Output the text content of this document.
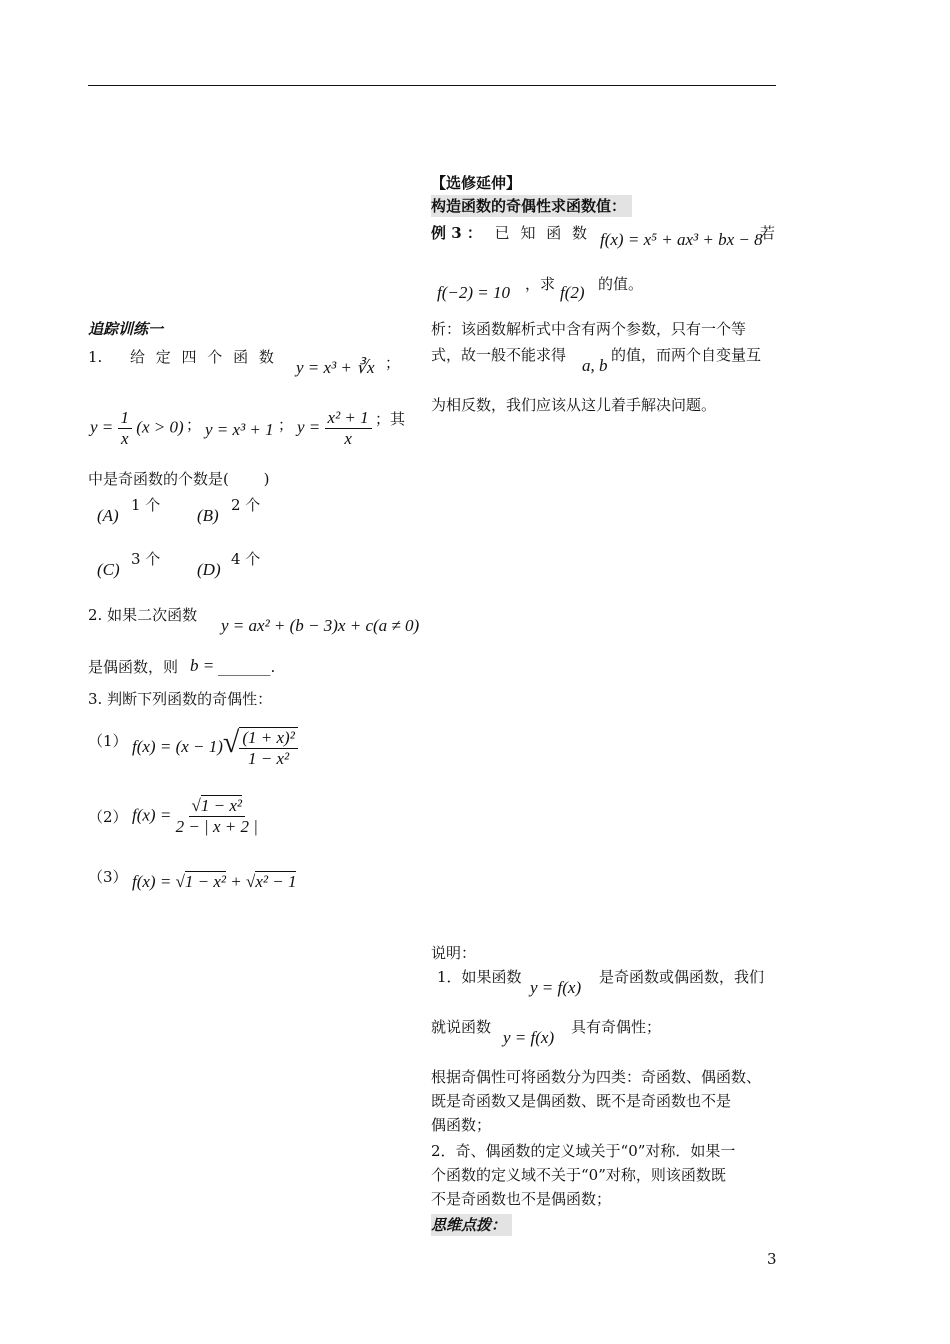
【选修延伸】
构造函数的奇偶性求函数值：
例 3 ： 已 知 函 数 f(x) = x⁵ + ax³ + bx − 8
若
f(−2) = 10 ，求 f(2) 的值。
析：该函数解析式中含有两个参数，只有一个等
式，故一般不能求得
a, b
的值，而两个自变量互
为相反数，我们应该从这儿着手解决问题。
说明：
1．如果函数
y = f(x)
是奇函数或偶函数，我们
就说函数
y = f(x)
具有奇偶性；
根据奇偶性可将函数分为四类：奇函数、偶函数、
既是奇函数又是偶函数、既不是奇函数也不是
偶函数；
2．奇、偶函数的定义域关于“0”对称．如果一
个函数的定义域不关于“0”对称，则该函数既
不是奇函数也不是偶函数；
思维点拨：
追踪训练一
1. 给 定 四 个 函 数
y = x³ + ∛x ；
$y = \frac{1}{x} (x > 0)$ ； y = x³ + 1 ； $y = \frac{\text{x² + 1}}{x}$ ；其
中是奇函数的个数是(　　 )
(A)
1 个
(B)
2 个
(C)
3 个
(D)
4 个
2. 如果二次函数
y = ax² + (b − 3)x + c(a ≠ 0)
是偶函数，则 b = _______.
3. 判断下列函数的奇偶性：
（1） $f(x) = (x - 1)√ \frac{\text{(1 + x)²}}{\text{1 − x²}}$
（2） $f(x) = \frac{\text{√1 − x²}}{2 - | x + 2 |}$
（3） f(x) = √1 − x² + √x² − 1
3
